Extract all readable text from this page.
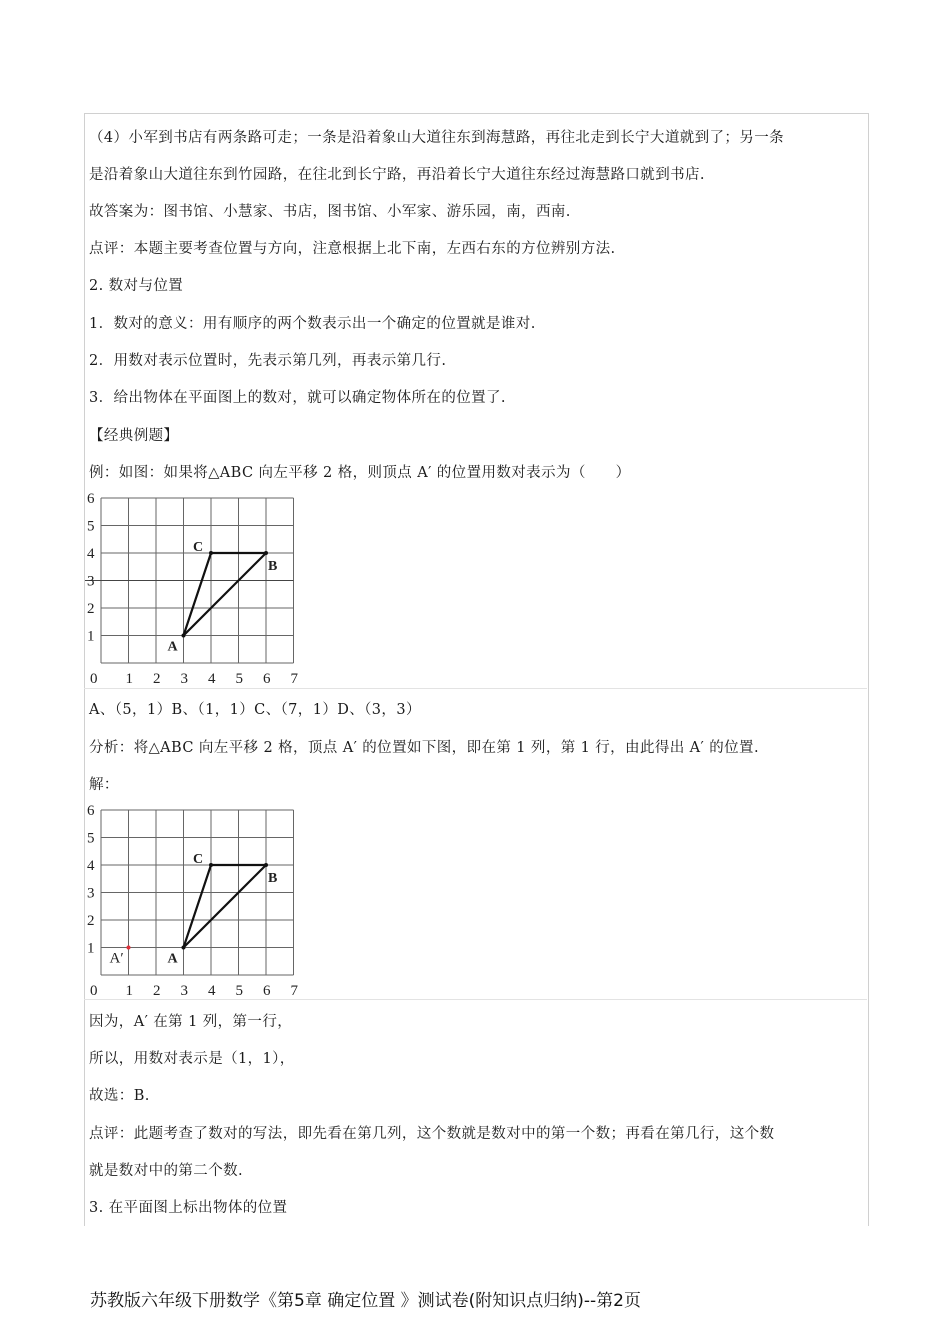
（4）小军到书店有两条路可走；一条是沿着象山大道往东到海慧路，再往北走到长宁大道就到了；另一条
是沿着象山大道往东到竹园路，在往北到长宁路，再沿着长宁大道往东经过海慧路口就到书店.
故答案为：图书馆、小慧家、书店，图书馆、小军家、游乐园，南，西南.
点评：本题主要考查位置与方向，注意根据上北下南，左西右东的方位辨别方法.
2. 数对与位置
1．数对的意义：用有顺序的两个数表示出一个确定的位置就是谁对.
2．用数对表示位置时，先表示第几列，再表示第几行.
3．给出物体在平面图上的数对，就可以确定物体所在的位置了.
【经典例题】
例：如图：如果将△ABC 向左平移 2 格，则顶点 A′ 的位置用数对表示为（　　）
0 1 2 3 4 5 6 7
1
2
3
4
5
6
A
B
C
A、（5，1）B、（1，1）C、（7，1）D、（3，3）
分析：将△ABC 向左平移 2 格，顶点 A′ 的位置如下图，即在第 1 列，第 1 行，由此得出 A′ 的位置.
解：
0 1 2 3 4 5 6 7
1
2
3
4
5
6
A
B
C
A′
因为，A′ 在第 1 列，第一行，
所以，用数对表示是（1，1），
故选：B.
点评：此题考查了数对的写法，即先看在第几列，这个数就是数对中的第一个数；再看在第几行，这个数
就是数对中的第二个数.
3. 在平面图上标出物体的位置
苏教版六年级下册数学《第5章 确定位置 》测试卷(附知识点归纳)--第2页
